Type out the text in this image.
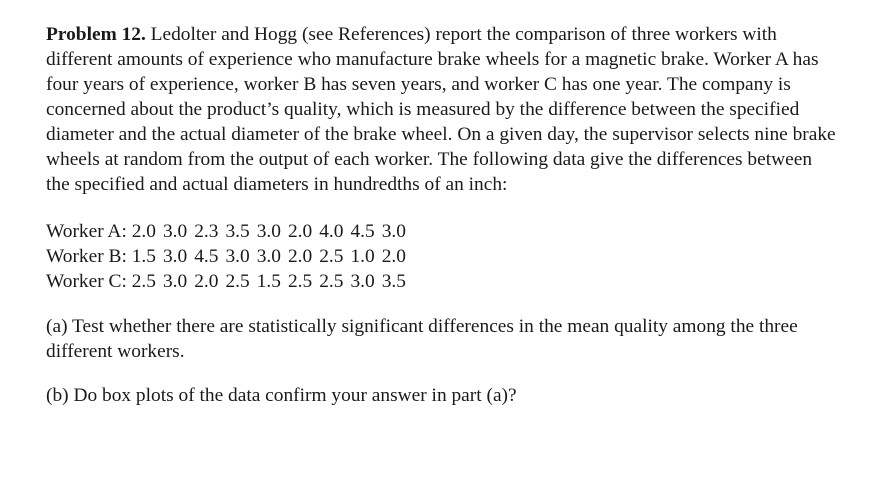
Problem 12. Ledolter and Hogg (see References) report the comparison of three workers with different amounts of experience who manufacture brake wheels for a magnetic brake. Worker A has four years of experience, worker B has seven years, and worker C has one year. The company is concerned about the product’s quality, which is measured by the difference between the specified diameter and the actual diameter of the brake wheel. On a given day, the supervisor selects nine brake wheels at random from the output of each worker. The following data give the differences between the specified and actual diameters in hundredths of an inch:

Worker A: 2.0 3.0 2.3 3.5 3.0 2.0 4.0 4.5 3.0
Worker B: 1.5 3.0 4.5 3.0 3.0 2.0 2.5 1.0 2.0
Worker C: 2.5 3.0 2.0 2.5 1.5 2.5 2.5 3.0 3.5

(a) Test whether there are statistically significant differences in the mean quality among the three different workers.

(b) Do box plots of the data confirm your answer in part (a)?
